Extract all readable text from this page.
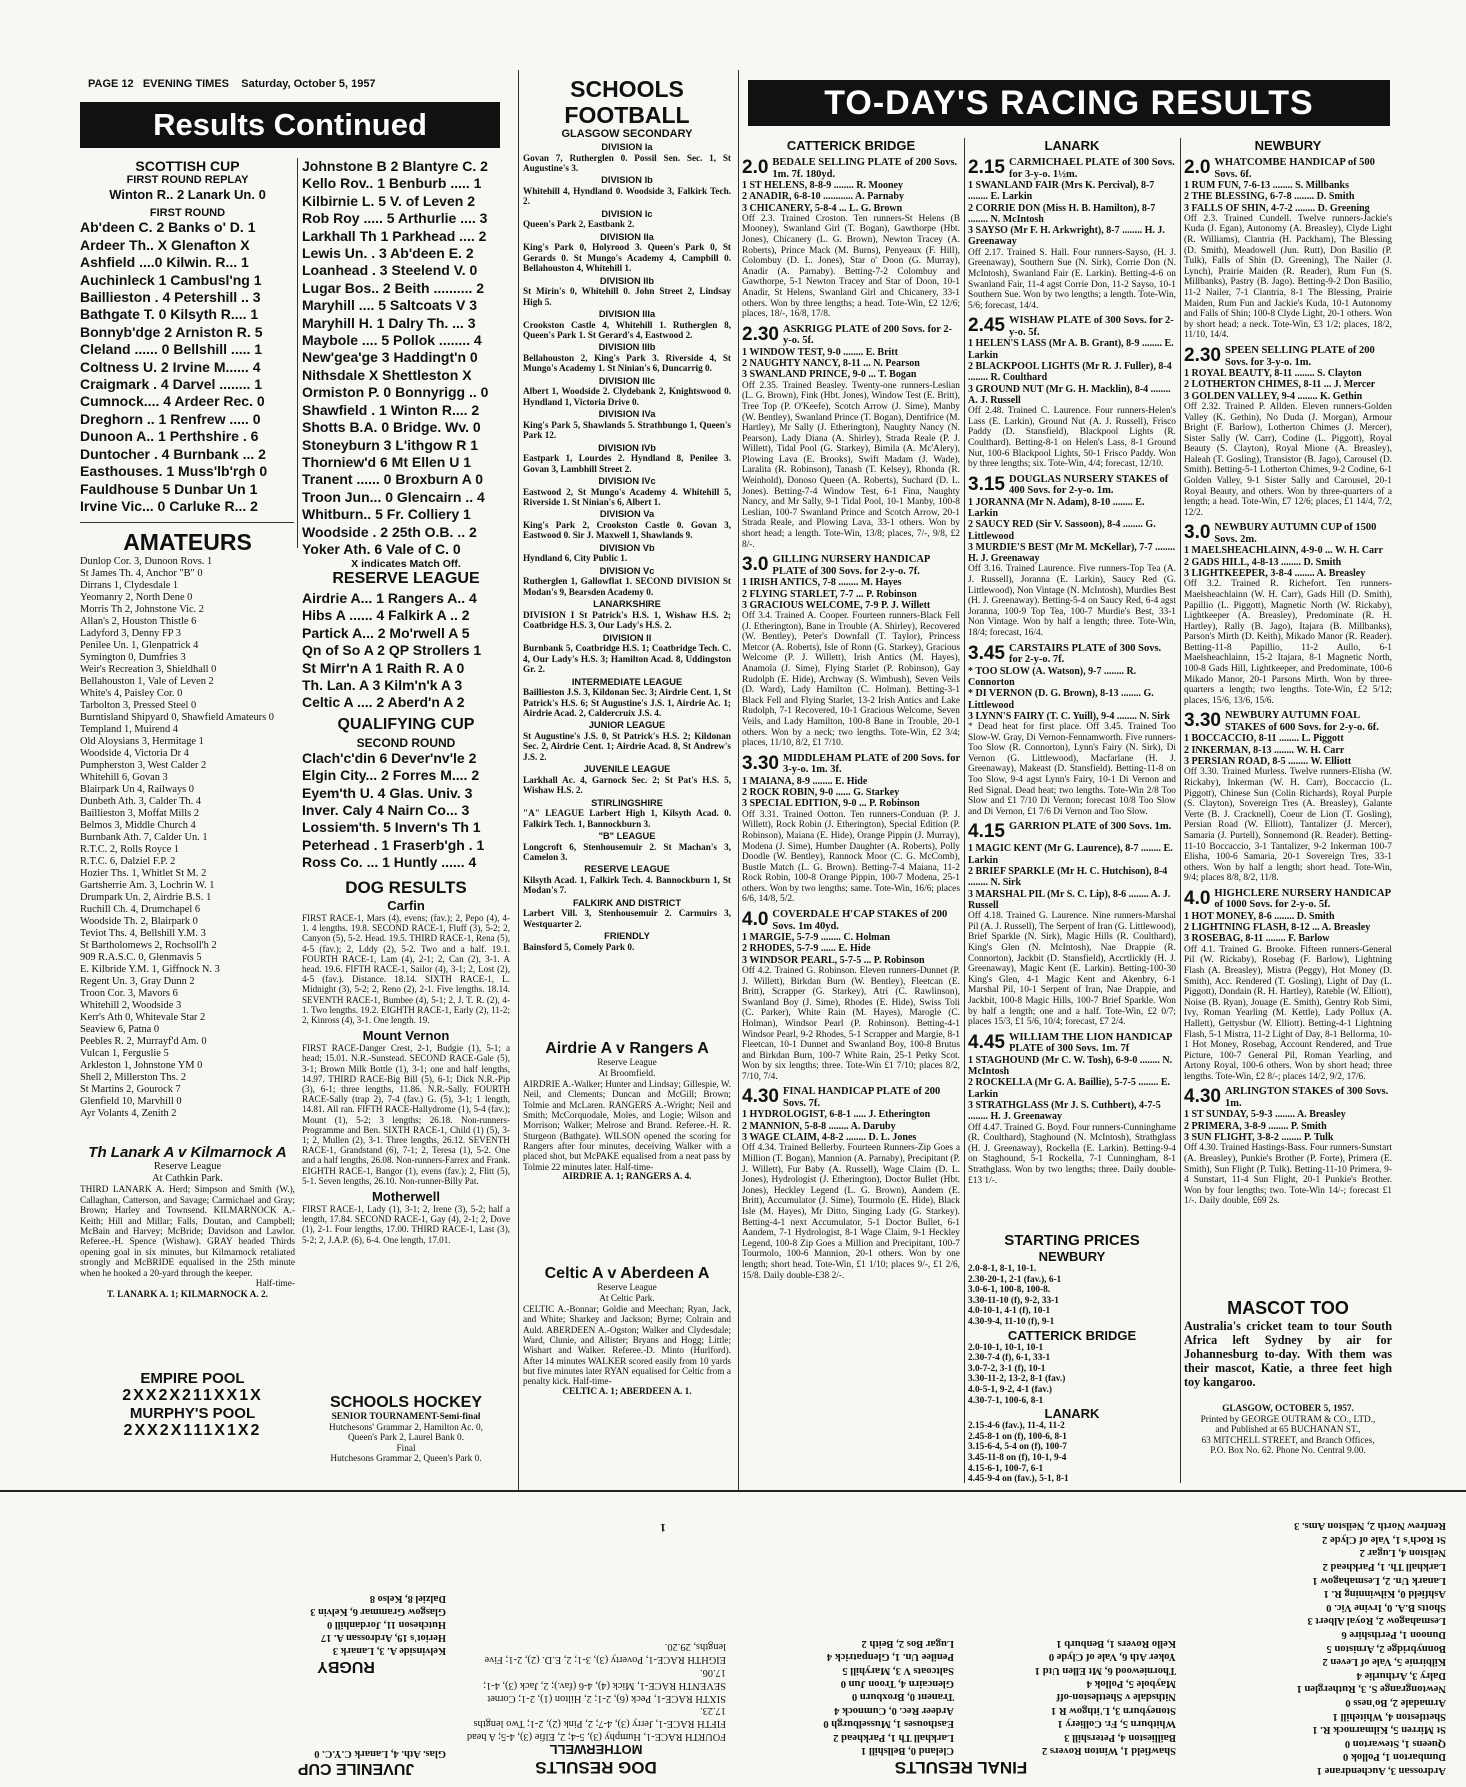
PAGE 12 EVENING TIMES Saturday, October 5, 1957
Results Continued
SCOTTISH CUP
FIRST ROUND REPLAY
Winton R.. 2 Lanark Un. 0
FIRST ROUND
Ab'deen C. 2 Banks o' D. 1
Ardeer Th.. X Glenafton X
Ashfield ....0 Kilwin. R... 1
Auchinleck 1 Cambusl'ng 1
Baillieston . 4 Petershill .. 3
Bathgate T. 0 Kilsyth R.... 1
Bonnyb'dge 2 Arniston R. 5
Cleland ...... 0 Bellshill ..... 1
Coltness U. 2 Irvine M...... 4
Craigmark . 4 Darvel ........ 1
Cumnock.... 4 Ardeer Rec. 0
Dreghorn .. 1 Renfrew ..... 0
Dunoon A.. 1 Perthshire . 6
Duntocher . 4 Burnbank ... 2
Easthouses. 1 Muss'lb'rgh 0
Fauldhouse 5 Dunbar Un 1
Irvine Vic... 0 Carluke R... 2
Johnstone B 2 Blantyre C. 2
Kello Rov.. 1 Benburb ..... 1
Kilbirnie L. 5 V. of Leven 2
Rob Roy ..... 5 Arthurlie .... 3
Larkhall Th 1 Parkhead .... 2
Lewis Un. . 3 Ab'deen E. 2
Loanhead . 3 Steelend V. 0
Lugar Bos.. 2 Beith .......... 2
Maryhill .... 5 Saltcoats V 3
Maryhill H. 1 Dalry Th. ... 3
Maybole .... 5 Pollok ........ 4
New'gea'ge 3 Haddingt'n 0
Nithsdale X Shettleston X
Ormiston P. 0 Bonnyrigg .. 0
Shawfield . 1 Winton R.... 2
Shotts B.A. 0 Bridge. Wv. 0
Stoneyburn 3 L'ithgow R 1
Thorniew'd 6 Mt Ellen U 1
Tranent ...... 0 Broxburn A 0
Troon Jun... 0 Glencairn .. 4
Whitburn.. 5 Fr. Colliery 1
Woodside . 2 25th O.B. .. 2
Yoker Ath. 6 Vale of C. 0
X indicates Match Off.
AMATEURS
Dunlop Cor. 3, Dunoon Rovs. 1
St James Th. 4, Anchor "B" 0
Dirrans 1, Clydesdale 1
Yeomanry 2, North Dene 0
Morris Th 2, Johnstone Vic. 2
Allan's 2, Houston Thistle 6
Ladyford 3, Denny FP 3
Penilee Un. 1, Glenpatrick 4
Symington 0, Dumfries 3
Weir's Recreation 3, Shieldhall 0
Bellahouston 1, Vale of Leven 2
White's 4, Paisley Cor. 0
Tarbolton 3, Pressed Steel 0
Burntisland Shipyard 0, Shawfield Amateurs 0
Templand 1, Muirend 4
Old Aloysians 3, Hermitage 1
Woodside 4, Victoria Dr 4
Pumpherston 3, West Calder 2
Whitehill 6, Govan 3
Blairpark Un 4, Railways 0
Dunbeth Ath. 3, Calder Th. 4
Baillieston 3, Moffat Mills 2
Belmos 3, Middle Church 4
Burnbank Ath. 7, Calder Un. 1
R.T.C. 2, Rolls Royce 1
R.T.C. 6, Dalziel F.P. 2
Hozier Ths. 1, Whitlet St M. 2
Gartsherrie Am. 3, Lochrin W. 1
Drumpark Un. 2, Airdrie B.S. 1
Ruchill Ch. 4, Drumchapel 6
Woodside Th. 2, Blairpark 0
Teviot Ths. 4, Bellshill Y.M. 3
St Bartholomews 2, Rochsoll'h 2
909 R.A.S.C. 0, Glenmavis 5
E. Kilbride Y.M. 1, Giffnock N. 3
Regent Un. 3, Gray Dunn 2
Troon Cor. 3, Mavors 6
Whitehill 2, Woodside 3
Kerr's Ath 0, Whitevale Star 2
Seaview 6, Patna 0
Peebles R. 2, Murrayf'd Am. 0
Vulcan 1, Ferguslie 5
Arkleston 1, Johnstone YM 0
Shell 2, Millerston Ths. 2
St Martins 2, Gourock 7
Glenfield 10, Marvhill 0
Ayr Volants 4, Zenith 2
Th Lanark A v Kilmarnock A
Reserve League
At Cathkin Park.
THIRD LANARK A. Herd; Simpson and Smith (W.), Callaghan, Catterson, and Savage; Carmichael and Gray; Brown; Harley and Townsend. KILMARNOCK A.- Keith; Hill and Millar; Falls, Doutan, and Campbell; McBain and Harvey; McBride; Davidson and Lawlor. Referee.-H. Spence (Wishaw). GRAY headed Thirds opening goal in six minutes, but Kilmarnock retaliated strongly and McBRIDE equalised in the 25th minute when he hooked a 20-yard through the keeper.
Half-time-
T. LANARK A. 1; KILMARNOCK A. 2.
EMPIRE POOL
2XX2X211XX1X
MURPHY'S POOL
2XX2X111X1X2
RESERVE LEAGUE
Airdrie A... 1 Rangers A.. 4
Hibs A ...... 4 Falkirk A .. 2
Partick A... 2 Mo'rwell A 5
Qn of So A 2 QP Strollers 1
St Mirr'n A 1 Raith R. A 0
Th. Lan. A 3 Kilm'n'k A 3
Celtic A .... 2 Aberd'n A 2
QUALIFYING CUP
SECOND ROUND
Clach'c'din 6 Dever'nv'le 2
Elgin City... 2 Forres M.... 2
Eyem'th U. 4 Glas. Univ. 3
Inver. Caly 4 Nairn Co... 3
Lossiem'th. 5 Invern's Th 1
Peterhead . 1 Fraserb'gh . 1
Ross Co. ... 1 Huntly ...... 4
DOG RESULTS
Carfin
FIRST RACE-1, Mars (4), evens; (fav.); 2, Pepo (4), 4-1. 4 lengths. 19.8. SECOND RACE-1, Fluff (3), 5-2; 2, Canyon (5), 5-2. Head. 19.5. THIRD RACE-1, Rena (5), 4-5 (fav.); 2, Lddy (2), 5-2. Two and a half. 19.1. FOURTH RACE-1, Lam (4), 2-1; 2, Can (2), 3-1. A head. 19.6. FIFTH RACE-1, Sailor (4), 3-1; 2, Lost (2), 4-5 (fav.). Distance. 18.14. SIXTH RACE-1, L. Midnight (3), 5-2; 2, Reno (2), 2-1. Five lengths. 18.14. SEVENTH RACE-1, Bumbee (4), 5-1; 2, J. T. R. (2), 4-1. Two lengths. 19.2. EIGHTH RACE-1, Early (2), 11-2; 2, Kinross (4), 3-1. One length. 19.
Mount Vernon
FIRST RACE-Danger Crest, 2-1, Budgie (1), 5-1; a head; 15.01. N.R.-Sunstead. SECOND RACE-Gale (5), 3-1; Brown Milk Bottle (1), 3-1; one and half lengths, 14.97. THIRD RACE-Big Bill (5), 6-1; Dick N.R.-Pip (3), 6-1; three lengths, 11.86. N.R.-Sally. FOURTH RACE-Sally (trap 2), 7-4 (fav.) G. (5), 3-1; 1 length, 14.81. All ran. FIFTH RACE-Hallydrome (1), 5-4 (fav.); Mount (1), 5-2; 3 lengths; 26.18. Non-runners-Programme and Ben. SIXTH RACE-1, Child (1) (5), 3-1; 2, Mullen (2), 3-1. Three lengths, 26.12. SEVENTH RACE-1, Grandstand (6), 7-1; 2, Teresa (1), 5-2. One and a half lengths, 26.08. Non-runners-Farrex and Frank. EIGHTH RACE-1, Bangor (1), evens (fav.); 2, Flitt (5), 5-1. Seven lengths, 26.10. Non-runner-Billy Pat.
Motherwell
FIRST RACE-1, Lady (1), 3-1; 2, Irene (3), 5-2; half a length, 17.84. SECOND RACE-1, Gay (4), 2-1; 2, Dove (1), 2-1. Four lengths, 17.00. THIRD RACE-1, Last (3), 5-2; 2, J.A.P. (6), 6-4. One length, 17.01.
SCHOOLS HOCKEY
SENIOR TOURNAMENT-Semi-final
Hutchesons' Grammar 2, Hamilton Ac. 0,
Queen's Park 2, Laurel Bank 0.
Final
Hutchesons Grammar 2, Queen's Park 0.
SCHOOLS
FOOTBALL
GLASGOW SECONDARY
DIVISION Ia
Govan 7, Rutherglen 0. Possil Sen. Sec. 1, St Augustine's 3.
DIVISION Ib
Whitehill 4, Hyndland 0. Woodside 3, Falkirk Tech. 2.
DIVISION Ic
Queen's Park 2, Eastbank 2.
DIVISION IIa
King's Park 0, Holyrood 3. Queen's Park 0, St Gerards 0. St Mungo's Academy 4, Campbill 0. Bellahouston 4, Whitehill 1.
DIVISION IIb
St Mirin's 0, Whitehill 0. John Street 2, Lindsay High 5.
DIVISION IIIa
Crookston Castle 4, Whitehill 1. Rutherglen 8, Queen's Park 1. St Gerard's 4, Eastwood 2.
DIVISION IIIb
Bellahouston 2, King's Park 3. Riverside 4, St Mungo's Academy 1. St Ninian's 6, Duncarrig 0.
DIVISION IIIc
Albert 1, Woodside 2. Clydebank 2, Knightswood 0. Hyndland 1, Victoria Drive 0.
DIVISION IVa
King's Park 5, Shawlands 5. Strathbungo 1, Queen's Park 12.
DIVISION IVb
Eastpark 1, Lourdes 2. Hyndland 8, Penilee 3. Govan 3, Lambhill Street 2.
DIVISION IVc
Eastwood 2, St Mungo's Academy 4. Whitehill 5, Riverside 1. St Ninian's 6, Albert 1.
DIVISION Va
King's Park 2, Crookston Castle 0. Govan 3, Eastwood 0. Sir J. Maxwell 1, Shawlands 9.
DIVISION Vb
Hyndland 6, City Public 1.
DIVISION Vc
Rutherglen 1, Gallowflat 1. SECOND DIVISION St Modan's 9, Bearsden Academy 0.
LANARKSHIRE
DIVISION I St Patrick's H.S. 1, Wishaw H.S. 2; Coatbridge H.S. 3, Our Lady's H.S. 2.
DIVISION II
Burnbank 5, Coatbridge H.S. 1; Coatbridge Tech. C. 4, Our Lady's H.S. 3; Hamilton Acad. 8, Uddingston Gr. 2.
INTERMEDIATE LEAGUE
Baillieston J.S. 3, Kildonan Sec. 3; Airdrie Cent. 1, St Patrick's H.S. 6; St Augustine's J.S. 1, Airdrie Ac. 1; Airdrie Acad. 2, Caldercruix J.S. 4.
JUNIOR LEAGUE
St Augustine's J.S. 0, St Patrick's H.S. 2; Kildonan Sec. 2, Airdrie Cent. 1; Airdrie Acad. 8, St Andrew's J.S. 2.
JUVENILE LEAGUE
Larkhall Ac. 4, Garnock Sec. 2; St Pat's H.S. 5, Wishaw H.S. 2.
STIRLINGSHIRE
"A" LEAGUE Larbert High 1, Kilsyth Acad. 0. Falkirk Tech. 1, Bannockburn 3.
"B" LEAGUE
Longcroft 6, Stenhousemuir 2. St Machan's 3, Camelon 3.
RESERVE LEAGUE
Kilsyth Acad. 1, Falkirk Tech. 4. Bannockburn 1, St Modan's 7.
FALKIRK AND DISTRICT
Larbert Vill. 3, Stenhousemuir 2. Carmuirs 3, Westquarter 2.
FRIENDLY
Bainsford 5, Comely Park 0.
Airdrie A v Rangers A
Reserve League
At Broomfield.
AIRDRIE A.-Walker; Hunter and Lindsay; Gillespie, W. Neil, and Clements; Duncan and McGill; Brown; Tolmie and McLaren. RANGERS A.-Wright; Neil and Smith; McCorquodale, Moles, and Logie; Wilson and Morrison; Walker; Melrose and Brand. Referee.-H. R. Sturgeon (Bathgate). WILSON opened the scoring for Rangers after four minutes, deceiving Walker with a placed shot, but McPAKE equalised from a neat pass by Tolmie 22 minutes later. Half-time-
AIRDRIE A. 1; RANGERS A. 4.
Celtic A v Aberdeen A
Reserve League
At Celtic Park.
CELTIC A.-Bonnar; Goldie and Meechan; Ryan, Jack, and White; Sharkey and Jackson; Byrne; Colrain and Auld. ABERDEEN A.-Ogston; Walker and Clydesdale; Ward, Clunie, and Allister; Bryans and Hogg; Little; Wishart and Walker. Referee.-D. Minto (Hurlford). After 14 minutes WALKER scored easily from 10 yards but five minutes later RYAN equalised for Celtic from a penalty kick. Half-time-
CELTIC A. 1; ABERDEEN A. 1.
TO-DAY'S RACING RESULTS
CATTERICK BRIDGE
2.0 BEDALE SELLING PLATE of 200 Sovs. 1m. 7f. 180yd.
1 ST HELENS, 8-8-9 ........ R. Mooney
2 ANADIR, 6-8-10 ............ A. Parnaby
3 CHICANERY, 5-8-4 ... L. G. Brown
Off 2.3. Trained Croston. Ten runners-St Helens (B Mooney), Swanland Girl (T. Bogan), Gawthorpe (Hbt. Jones), Chicanery (L. G. Brown), Newton Tracey (A. Roberts), Prince Mack (M. Burns), Penyeaux (F. Hill), Colombuy (D. L. Jones), Star o' Doon (G. Murray), Anadir (A. Parnaby). Betting-7-2 Colombuy and Gawthorpe, 5-1 Newton Tracey and Star of Doon, 10-1 Anadir, St Helens, Swanland Girl and Chicanery, 33-1 others. Won by three lengths; a head. Tote-Win, £2 12/6; places, 18/-, 16/8, 17/8.
2.30 ASKRIGG PLATE of 200 Sovs. for 2-y-o. 5f.
1 WINDOW TEST, 9-0 ........ E. Britt
2 NAUGHTY NANCY, 8-11 ... N. Pearson
3 SWANLAND PRINCE, 9-0 ... T. Bogan
Off 2.35. Trained Beasley. Twenty-one runners-Leslian (L. G. Brown), Fink (Hbt. Jones), Window Test (E. Britt), Tree Top (P. O'Keefe), Scotch Arrow (J. Sime), Manby (W. Bentley), Swanland Prince (T. Bogan), Dentifrice (M. Hartley), Mr Sally (J. Etherington), Naughty Nancy (N. Pearson), Lady Diana (A. Shirley), Strada Reale (P. J. Willett), Tidal Pool (G. Starkey), Bimila (A. Mc'Alery), Plowing Lava (E. Brooks), Swift Madam (J. Wade), Laralita (R. Robinson), Tanash (T. Kelsey), Rhonda (R. Weinhold), Donoso Queen (A. Roberts), Suchard (D. L. Jones). Betting-7-4 Window Test, 6-1 Fina, Naughty Nancy, and Mr Sally, 9-1 Tidal Pool, 10-1 Manby, 100-8 Leslian, 100-7 Swanland Prince and Scotch Arrow, 20-1 Strada Reale, and Plowing Lava, 33-1 others. Won by short head; a length. Tote-Win, 13/8; places, 7/-, 9/8, £2 8/-.
3.0 GILLING NURSERY HANDICAP PLATE of 300 Sovs. for 2-y-o. 7f.
1 IRISH ANTICS, 7-8 ........ M. Hayes
2 FLYING STARLET, 7-7 ... P. Robinson
3 GRACIOUS WELCOME, 7-9 P. J. Willett
Off 3.4. Trained A. Cooper. Fourteen runners-Black Fell (J. Etherington), Bane in Trouble (A. Shirley), Recovered (W. Bentley), Peter's Downfall (T. Taylor), Princess Metcor (A. Roberts), Isle of Ronn (G. Starkey), Gracious Welcome (P. J. Willett), Irish Antics (M. Hayes), Anamola (J. Sime), Flying Starlet (P. Robinson), Gay Rudolph (E. Hide), Archway (S. Wimbush), Seven Veils (D. Ward), Lady Hamilton (C. Holman). Betting-3-1 Black Fell and Flying Starlet, 13-2 Irish Antics and Lake Rudolph, 7-1 Recovered, 10-1 Gracious Welcome, Seven Veils, and Lady Hamilton, 100-8 Bane in Trouble, 20-1 others. Won by a neck; two lengths. Tote-Win, £2 3/4; places, 11/10, 8/2, £1 7/10.
3.30 MIDDLEHAM PLATE of 200 Sovs. for 3-y-o. 1m. 3f.
1 MAIANA, 8-9 ........ E. Hide
2 ROCK ROBIN, 9-0 ...... G. Starkey
3 SPECIAL EDITION, 9-0 ... P. Robinson
Off 3.31. Trained Ootton. Ten runners-Conduan (P. J. Willett), Rock Robin (J. Etherington), Special Edition (P. Robinson), Maiana (E. Hide), Orange Pippin (J. Murray), Modena (J. Sime), Humber Daughter (A. Roberts), Polly Doodle (W. Bentley), Rannock Moor (C. G. McComb), Bustle Match (L. G. Brown). Betting-7-4 Maiana, 11-2 Rock Robin, 100-8 Orange Pippin, 100-7 Modena, 25-1 others. Won by two lengths; same. Tote-Win, 16/6; places 6/6, 14/8, 5/2.
4.0 COVERDALE H'CAP STAKES of 200 Sovs. 1m 40yd.
1 MARGIE, 5-7-9 ........ C. Holman
2 RHODES, 5-7-9 ...... E. Hide
3 WINDSOR PEARL, 5-7-5 ... P. Robinson
Off 4.2. Trained G. Robinson. Eleven runners-Dunnet (P. J. Willett), Birkdan Burn (W. Bentley), Fleetcan (E. Britt), Scrapper (G. Starkey), Atri (C. Rawlinson), Swanland Boy (J. Sime), Rhodes (E. Hide), Swiss Toli (C. Parker), White Rain (M. Hayes), Marogle (C. Holman), Windsor Pearl (P. Robinson). Betting-4-1 Windsor Pearl, 9-2 Rhodes, 5-1 Scrapper and Margie, 8-1 Fleetcan, 10-1 Dunnet and Swanland Boy, 100-8 Brutus and Birkdan Burn, 100-7 White Rain, 25-1 Petky Scot. Won by six lengths; three. Tote-Win £1 7/10; places 8/2, 7/10, 7/4.
4.30 FINAL HANDICAP PLATE of 200 Sovs. 7f.
1 HYDROLOGIST, 6-8-1 ..... J. Etherington
2 MANNION, 5-8-8 ........ A. Daruby
3 WAGE CLAIM, 4-8-2 ........ D. L. Jones
Off 4.34. Trained Bellerby. Fourteen Runners-Zip Goes a Million (T. Bogan), Mannion (A. Parnaby), Precipitant (P. J. Willett), Fur Baby (A. Russell), Wage Claim (D. L. Jones), Hydrologist (J. Etherington), Doctor Bullet (Hbt. Jones), Heckley Legend (L. G. Brown), Aandem (E. Britt), Accumulator (J. Sime), Tourmolo (E. Hide), Black Isle (M. Hayes), Mr Ditto, Singing Lady (G. Starkey). Betting-4-1 next Accumulator, 5-1 Doctor Bullet, 6-1 Aandem, 7-1 Hydrologist, 8-1 Wage Claim, 9-1 Heckley Legend, 100-8 Zip Goes a Million and Precipitant, 100-7 Tourmolo, 100-6 Mannion, 20-1 others. Won by one length; short head. Tote-Win, £1 1/10; places 9/-, £1 2/6, 15/8. Daily double-£38 2/-.
LANARK
2.15 CARMICHAEL PLATE of 300 Sovs. for 3-y-o. 1½m.
1 SWANLAND FAIR (Mrs K. Percival), 8-7 ........ E. Larkin
2 CORRIE DON (Miss H. B. Hamilton), 8-7 ........ N. McIntosh
3 SAYSO (Mr F. H. Arkwright), 8-7 ........ H. J. Greenaway
Off 2.17. Trained S. Hall. Four runners-Sayso, (H. J. Greenaway), Southern Sue (N. Sirk), Corrie Don (N. McIntosh), Swanland Fair (E. Larkin). Betting-4-6 on Swanland Fair, 11-4 agst Corrie Don, 11-2 Sayso, 10-1 Southern Sue. Won by two lengths; a length. Tote-Win, 5/6; forecast, 14/4.
2.45 WISHAW PLATE of 300 Sovs. for 2-y-o. 5f.
1 HELEN'S LASS (Mr A. B. Grant), 8-9 ........ E. Larkin
2 BLACKPOOL LIGHTS (Mr R. J. Fuller), 8-4 ........ R. Coulthard
3 GROUND NUT (Mr G. H. Macklin), 8-4 ........ A. J. Russell
Off 2.48. Trained C. Laurence. Four runners-Helen's Lass (E. Larkin), Ground Nut (A. J. Russell), Frisco Paddy (D. Stansfield), Blackpool Lights (R. Coulthard). Betting-8-1 on Helen's Lass, 8-1 Ground Nut, 100-6 Blackpool Lights, 50-1 Frisco Paddy. Won by three lengths; six. Tote-Win, 4/4; forecast, 12/10.
3.15 DOUGLAS NURSERY STAKES of 400 Sovs. for 2-y-o. 1m.
1 JORANNA (Mr N. Adam), 8-10 ........ E. Larkin
2 SAUCY RED (Sir V. Sassoon), 8-4 ........ G. Littlewood
3 MURDIE'S BEST (Mr M. McKellar), 7-7 ........ H. J. Greenaway
Off 3.16. Trained Laurence. Five runners-Top Tea (A. J. Russell), Joranna (E. Larkin), Saucy Red (G. Littlewood), Non Vintage (N. McIntosh), Murdies Best (H. J. Greenaway). Betting-5-4 on Saucy Red, 6-4 agst Joranna, 100-9 Top Tea, 100-7 Murdie's Best, 33-1 Non Vintage. Won by half a length; three. Tote-Win, 18/4; forecast, 16/4.
3.45 CARSTAIRS PLATE of 300 Sovs. for 2-y-o. 7f.
* TOO SLOW (A. Watson), 9-7 ........ R. Connorton
* DI VERNON (D. G. Brown), 8-13 ........ G. Littlewood
3 LYNN'S FAIRY (T. C. Yuill), 9-4 ........ N. Sirk
* Dead heat for first place. Off 3.45. Trained Too Slow-W. Gray, Di Vernon-Fennamworth. Five runners-Too Slow (R. Connorton), Lynn's Fairy (N. Sirk), Di Vernon (G. Littlewood), Macfarlane (H. J. Greenaway), Makeast (D. Stansfield). Betting-11-8 on Too Slow, 9-4 agst Lynn's Fairy, 10-1 Di Vernon and Red Signal. Dead heat; two lengths. Tote-Win 2/8 Too Slow and £1 7/10 Di Vernon; forecast 10/8 Too Slow and Di Vernon, £1 7/6 Di Vernon and Too Slow.
4.15 GARRION PLATE of 300 Sovs. 1m.
1 MAGIC KENT (Mr G. Laurence), 8-7 ........ E. Larkin
2 BRIEF SPARKLE (Mr H. C. Hutchison), 8-4 ........ N. Sirk
3 MARSHAL PIL (Mr S. C. Lip), 8-6 ........ A. J. Russell
Off 4.18. Trained G. Laurence. Nine runners-Marshal Pil (A. J. Russell), The Serpent of Iran (G. Littlewood), Brief Sparkle (N. Sirk), Magic Hills (R. Coulthard), King's Glen (N. McIntosh), Nae Drappie (R. Connorton), Jackbit (D. Stansfield), Accrtlickly (H. J. Greenaway), Magic Kent (E. Larkin). Betting-100-30 King's Glen, 4-1 Magic Kent and Akenbry, 6-1 Marshal Pil, 10-1 Serpent of Iran, Nae Drappie, and Jackbit, 100-8 Magic Hills, 100-7 Brief Sparkle. Won by half a length; one and a half. Tote-Win, £2 0/7; places 15/3, £1 5/6, 10/4; forecast, £7 2/4.
4.45 WILLIAM THE LION HANDICAP PLATE of 300 Sovs. 1m. 7f
1 STAGHOUND (Mr C. W. Tosh), 6-9-0 ........ N. McIntosh
2 ROCKELLA (Mr G. A. Baillie), 5-7-5 ........ E. Larkin
3 STRATHGLASS (Mr J. S. Cuthbert), 4-7-5 ........ H. J. Greenaway
Off 4.47. Trained G. Boyd. Four runners-Cunninghame (R. Coulthard), Staghound (N. McIntosh), Strathglass (H. J. Greenaway), Rockella (E. Larkin). Betting-9-4 on Staghound, 5-1 Rockella, 7-1 Cunningham, 8-1 Strathglass. Won by two lengths; three. Daily double-£13 1/-.
STARTING PRICES
NEWBURY
2.0-8-1, 8-1, 10-1.
2.30-20-1, 2-1 (fav.), 6-1
3.0-6-1, 100-8, 100-8.
3.30-11-10 (f), 9-2, 33-1
4.0-10-1, 4-1 (f), 10-1
4.30-9-4, 11-10 (f), 9-1
CATTERICK BRIDGE
2.0-10-1, 10-1, 10-1
2.30-7-4 (f), 6-1, 33-1
3.0-7-2, 3-1 (f), 10-1
3.30-11-2, 13-2, 8-1 (fav.)
4.0-5-1, 9-2, 4-1 (fav.)
4.30-7-1, 100-6, 8-1
LANARK
2.15-4-6 (fav.), 11-4, 11-2
2.45-8-1 on (f), 100-6, 8-1
3.15-6-4, 5-4 on (f), 100-7
3.45-11-8 on (f), 10-1, 9-4
4.15-6-1, 100-7, 6-1
4.45-9-4 on (fav.), 5-1, 8-1
NEWBURY
2.0 WHATCOMBE HANDICAP of 500 Sovs. 6f.
1 RUM FUN, 7-6-13 ........ S. Millbanks
2 THE BLESSING, 6-7-8 ........ D. Smith
3 FALLS OF SHIN, 4-7-2 ........ D. Greening
Off 2.3. Trained Cundell. Twelve runners-Jackie's Kuda (J. Egan), Autonomy (A. Breasley), Clyde Light (R. Williams), Clantria (H. Packham), The Blessing (D. Smith), Meadowell (Jun. Rutt), Don Basilio (P. Tulk), Falls of Shin (D. Greening), The Nailer (J. Lynch), Prairie Maiden (R. Reader), Rum Fun (S. Millbanks), Pastry (B. Jago). Betting-9-2 Don Basilio, 11-2 Nailer, 7-1 Clantria, 8-1 The Blessing, Prairie Maiden, Rum Fun and Jackie's Kuda, 10-1 Autonomy and Falls of Shin; 100-8 Clyde Light, 20-1 others. Won by short head; a neck. Tote-Win, £3 1/2; places, 18/2, 11/10, 14/4.
2.30 SPEEN SELLING PLATE of 200 Sovs. for 3-y-o. 1m.
1 ROYAL BEAUTY, 8-11 ........ S. Clayton
2 LOTHERTON CHIMES, 8-11 ... J. Mercer
3 GOLDEN VALLEY, 9-4 ........ K. Gethin
Off 2.32. Trained P. Allden. Eleven runners-Golden Valley (K. Gethin), No Duda (J. Morgan), Armour Bright (F. Barlow), Lotherton Chimes (J. Mercer), Sister Sally (W. Carr), Codine (L. Piggott), Royal Beauty (S. Clayton), Royal Mione (A. Breasley), Haleah (T. Gosling), Transistor (B. Jago), Carousel (D. Smith). Betting-5-1 Lotherton Chimes, 9-2 Codine, 6-1 Golden Valley, 9-1 Sister Sally and Carousel, 20-1 Royal Beauty, and others. Won by three-quarters of a length; a head. Tote-Win, £7 12/6; places, £1 14/4, 7/2, 12/2.
3.0 NEWBURY AUTUMN CUP of 1500 Sovs. 2m.
1 MAELSHEACHLAINN, 4-9-0 ... W. H. Carr
2 GADS HILL, 4-8-13 ........ D. Smith
3 LIGHTKEEPER, 3-8-4 ........ A. Breasley
Off 3.2. Trained R. Richefort. Ten runners-Maelsheachlainn (W. H. Carr), Gads Hill (D. Smith), Papillio (L. Piggott), Magnetic North (W. Rickaby), Lightkeeper (A. Breasley), Predominate (R. H. Hartley), Rally (B. Jago), Itajara (B. Millbanks), Parson's Mirth (D. Keith), Mikado Manor (R. Reader). Betting-11-8 Papillio, 11-2 Aullo, 6-1 Maelsheachlainn, 15-2 Itajara, 8-1 Magnetic North, 100-8 Gads Hill, Lightkeeper, and Predominate, 100-6 Mikado Manor, 20-1 Parsons Mirth. Won by three-quarters a length; two lengths. Tote-Win, £2 5/12; places, 15/6, 13/6, 15/6.
3.30 NEWBURY AUTUMN FOAL STAKES of 600 Sovs. for 2-y-o. 6f.
1 BOCCACCIO, 8-11 ........ L. Piggott
2 INKERMAN, 8-13 ........ W. H. Carr
3 PERSIAN ROAD, 8-5 ........ W. Elliott
Off 3.30. Trained Murless. Twelve runners-Elisha (W. Rickaby), Inkerman (W. H. Carr), Boccaccio (L. Piggott), Chinese Sun (Colin Richards), Royal Purple (S. Clayton), Sovereign Tres (A. Breasley), Galante Verte (B. J. Cracknell), Coeur de Lion (T. Gosling), Persian Road (W. Elliott), Tantalizer (J. Mercer), Samaria (J. Purtell), Sonnemond (R. Reader). Betting-11-10 Boccaccio, 3-1 Tantalizer, 9-2 Inkerman 100-7 Elisha, 100-6 Samaria, 20-1 Sovereign Tres, 33-1 others. Won by half a length; short head. Tote-Win, 9/4; places 8/8, 8/2, 11/8.
4.0 HIGHCLERE NURSERY HANDICAP of 1000 Sovs. for 2-y-o. 5f.
1 HOT MONEY, 8-6 ........ D. Smith
2 LIGHTNING FLASH, 8-12 ... A. Breasley
3 ROSEBAG, 8-11 ........ F. Barlow
Off 4.1. Trained G. Brooke. Fifteen runners-General Pil (W. Rickaby), Rosebag (F. Barlow), Lightning Flash (A. Breasley), Mistra (Peggy), Hot Money (D. Smith), Acc. Rendered (T. Gosling), Light of Day (L. Piggott), Dondain (R. H. Hartley), Rateble (W. Elliott), Noise (B. Ryan), Jouage (E. Smith), Gentry Rob Simi, Ivy, Roman Yearling (M. Kettle), Lady Pollux (A. Hallett), Gettysbur (W. Elliott). Betting-4-1 Lightning Flash, 5-1 Mistra, 11-2 Light of Day, 8-1 Bellorma, 10-1 Hot Money, Rosebag, Account Rendered, and True Picture, 100-7 General Pil, Roman Yearling, and Artony Royal, 100-6 others. Won by short head; three lengths. Tote-Win, £2 8/-; places 14/2, 9/2, 17/6.
4.30 ARLINGTON STAKES of 300 Sovs. 1m.
1 ST SUNDAY, 5-9-3 ........ A. Breasley
2 PRIMERA, 3-8-9 ........ P. Smith
3 SUN FLIGHT, 3-8-2 ........ P. Tulk
Off 4.30. Trained Hastings-Bass. Four runners-Sunstart (A. Breasley), Punkie's Brother (P. Forte), Primera (E. Smith), Sun Flight (P. Tulk). Betting-11-10 Primera, 9-4 Sunstart, 11-4 Sun Flight, 20-1 Punkie's Brother. Won by four lengths; two. Tote-Win 14/-; forecast £1 1/-. Daily double, £69 2s.
MASCOT TOO
Australia's cricket team to tour South Africa left Sydney by air for Johannesburg to-day. With them was their mascot, Katie, a three feet high toy kangaroo.
GLASGOW, OCTOBER 5, 1957.
Printed by GEORGE OUTRAM & CO., LTD.,
and Published at 65 BUCHANAN ST.,
63 MITCHELL STREET, and Branch Offices,
P.O. Box No. 62. Phone No. Central 9.00.
Ardrossan 3, Auchendrane 1
Dumbarton 1, Pollok 0
Queens 1, Stewarton 0
St Mirren 5, Kilmarnock R. 1
Shettleston 4, Whitehill 1
Armadale 2, Bo'ness 0
Newtongrange S. 3, Rutherglen 1
Dalry 3, Arthurlie 4
Kilbirnie 5, Vale of Leven 2
Bonnybridge 2, Arniston 5
Dunoon 1, Perthshire 6
Lesmahagow 2, Royal Albert 3
Shotts B.A. 0, Irvine Vic. 0
Ashfield 0, Kilwinning R. 1
Lanark Un. 2, Lesmahagow 1
Larkhall Th. 1, Parkhead 2
Neilston 4, Lugar 2
St Roch's 1, Vale of Clyde 2
Renfrew North 2, Neilston Ams. 3
FINAL RESULTS
Shawfield 1, Winton Rovers 2
Baillieston 4, Petershill 3
Whitburn 5, Fr. Colliery 1
Stoneyburn 3, L'ithgow R 1
Nithsdale v Shettleston-off
Maybole 5, Pollok 4
Thorniewood 6, Mt Ellen Utd 1
Yoker Ath 6, Vale of Clyde 0
Kello Rovers 1, Benburb 1
Cleland 0, Bellshill 1
Larkhall Th 1, Parkhead 2
Easthouses 1, Musselburgh 0
Ardeer Rec. 0, Cumnock 4
Tranent 0, Broxburn 0
Glencairn 4, Troon Jun 0
Saltcoats V 3, Maryhill 5
Penilee Un. 1, Glenpatrick 4
Lugar Bos 2, Beith 2
DOG RESULTS
MOTHERWELL
FOURTH RACE-1, Humphy (3), 5-4; 2, Elfie (3), 4-5; A head
FIFTH RACE-1, Jerry (3), 4-7; 2, Pink (2), 2-1; Two lengths 17.23.
SIXTH RACE-1, Peck (6), 2-1; 2, Hilton (1), 2-1; Cornet
SEVENTH RACE-1, Mick (4), 4-6 (fav.); 2, Jack (3), 4-1; 17.06.
EIGHTH RACE-1, Poverty (3), 3-1; 2, E.D. (2), 2-1; Five lengths, 29.20.
JUVENILE CUP
Glas. Ath. 4, Lanark C.Y.C. 0
RUGBY
Kelvinside A. 3, Lanark 3
Heriot's 19, Ardrossan A. 17
Hutcheson 11, Jordanhill 0
Glasgow Grammar 6, Kelvin 3
Dalziel 8, Kelso 8
1
